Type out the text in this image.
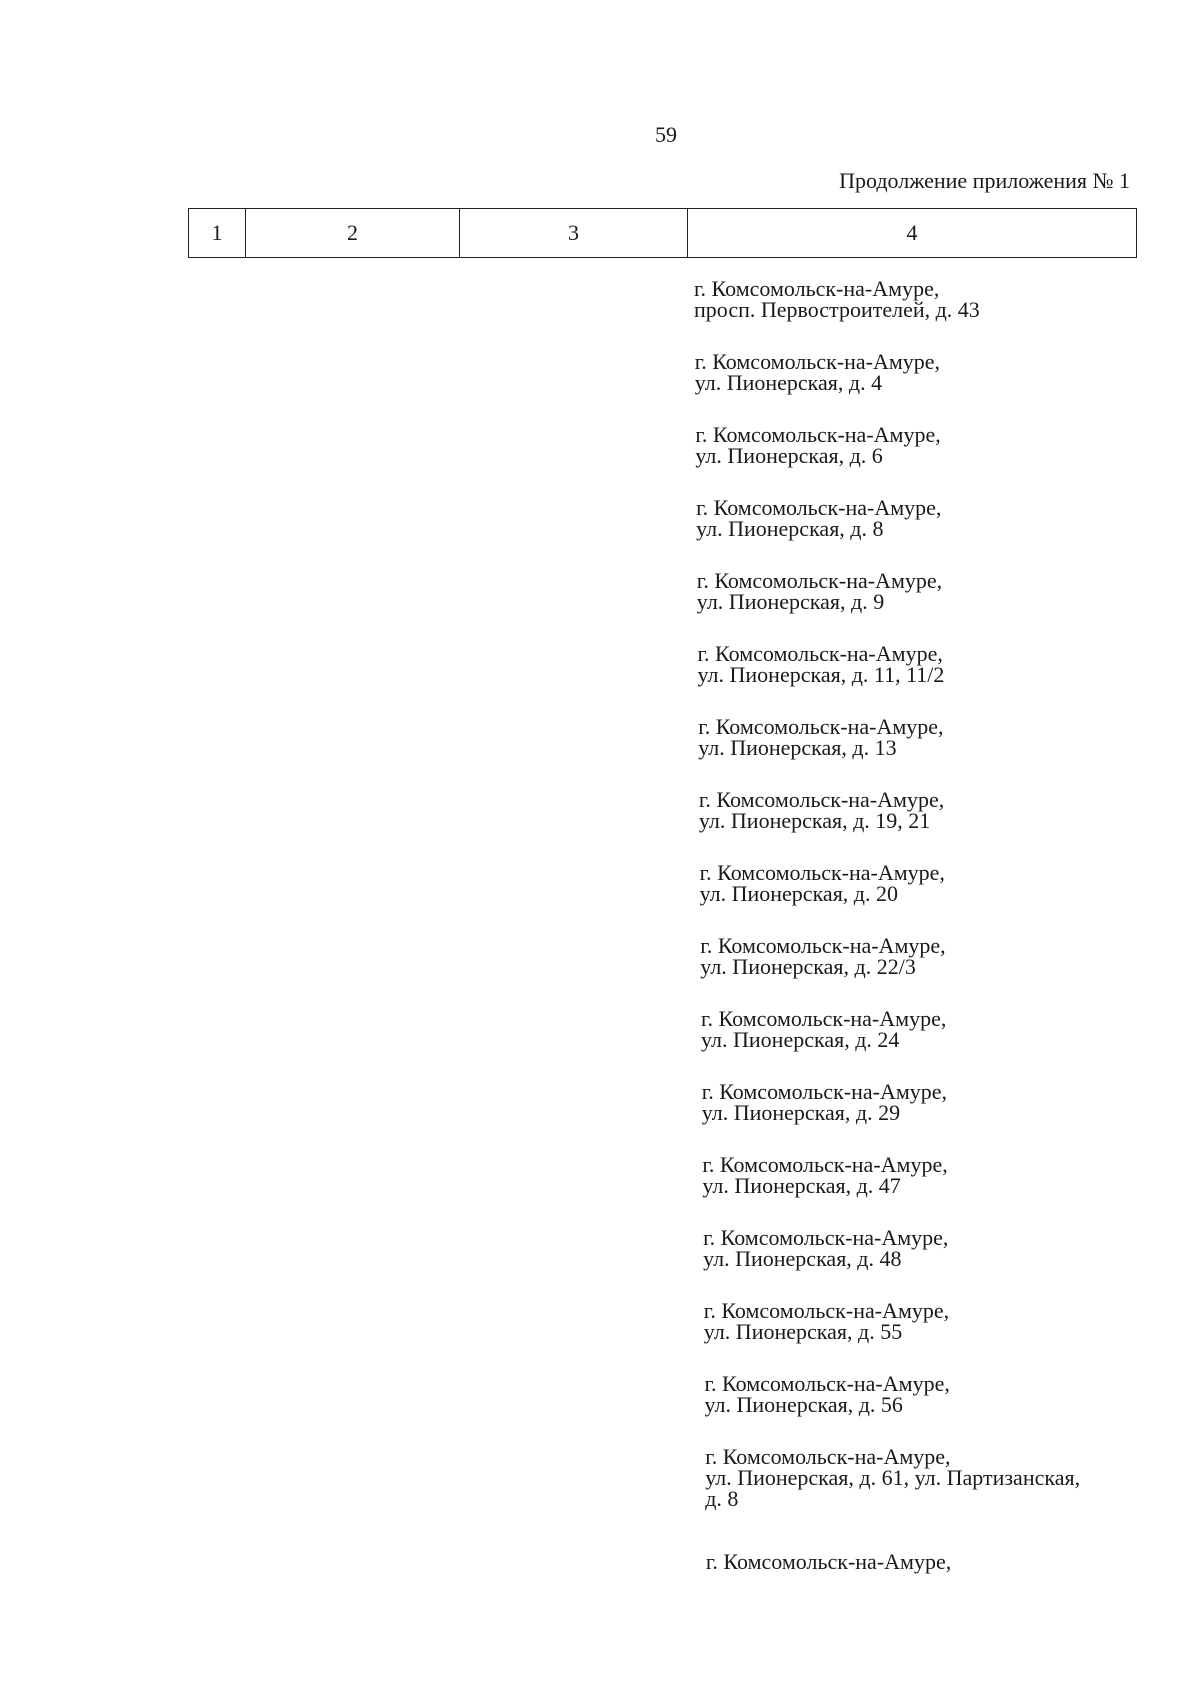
59
Продолжение приложения № 1
1	2	3	4
г. Комсомольск-на-Амуре,
просп. Первостроителей, д. 43
г. Комсомольск-на-Амуре,
ул. Пионерская, д. 4
г. Комсомольск-на-Амуре,
ул. Пионерская, д. 6
г. Комсомольск-на-Амуре,
ул. Пионерская, д. 8
г. Комсомольск-на-Амуре,
ул. Пионерская, д. 9
г. Комсомольск-на-Амуре,
ул. Пионерская, д. 11, 11/2
г. Комсомольск-на-Амуре,
ул. Пионерская, д. 13
г. Комсомольск-на-Амуре,
ул. Пионерская, д. 19, 21
г. Комсомольск-на-Амуре,
ул. Пионерская, д. 20
г. Комсомольск-на-Амуре,
ул. Пионерская, д. 22/3
г. Комсомольск-на-Амуре,
ул. Пионерская, д. 24
г. Комсомольск-на-Амуре,
ул. Пионерская, д. 29
г. Комсомольск-на-Амуре,
ул. Пионерская, д. 47
г. Комсомольск-на-Амуре,
ул. Пионерская, д. 48
г. Комсомольск-на-Амуре,
ул. Пионерская, д. 55
г. Комсомольск-на-Амуре,
ул. Пионерская, д. 56
г. Комсомольск-на-Амуре,
ул. Пионерская, д. 61, ул. Партизанская,
д. 8
г. Комсомольск-на-Амуре,
